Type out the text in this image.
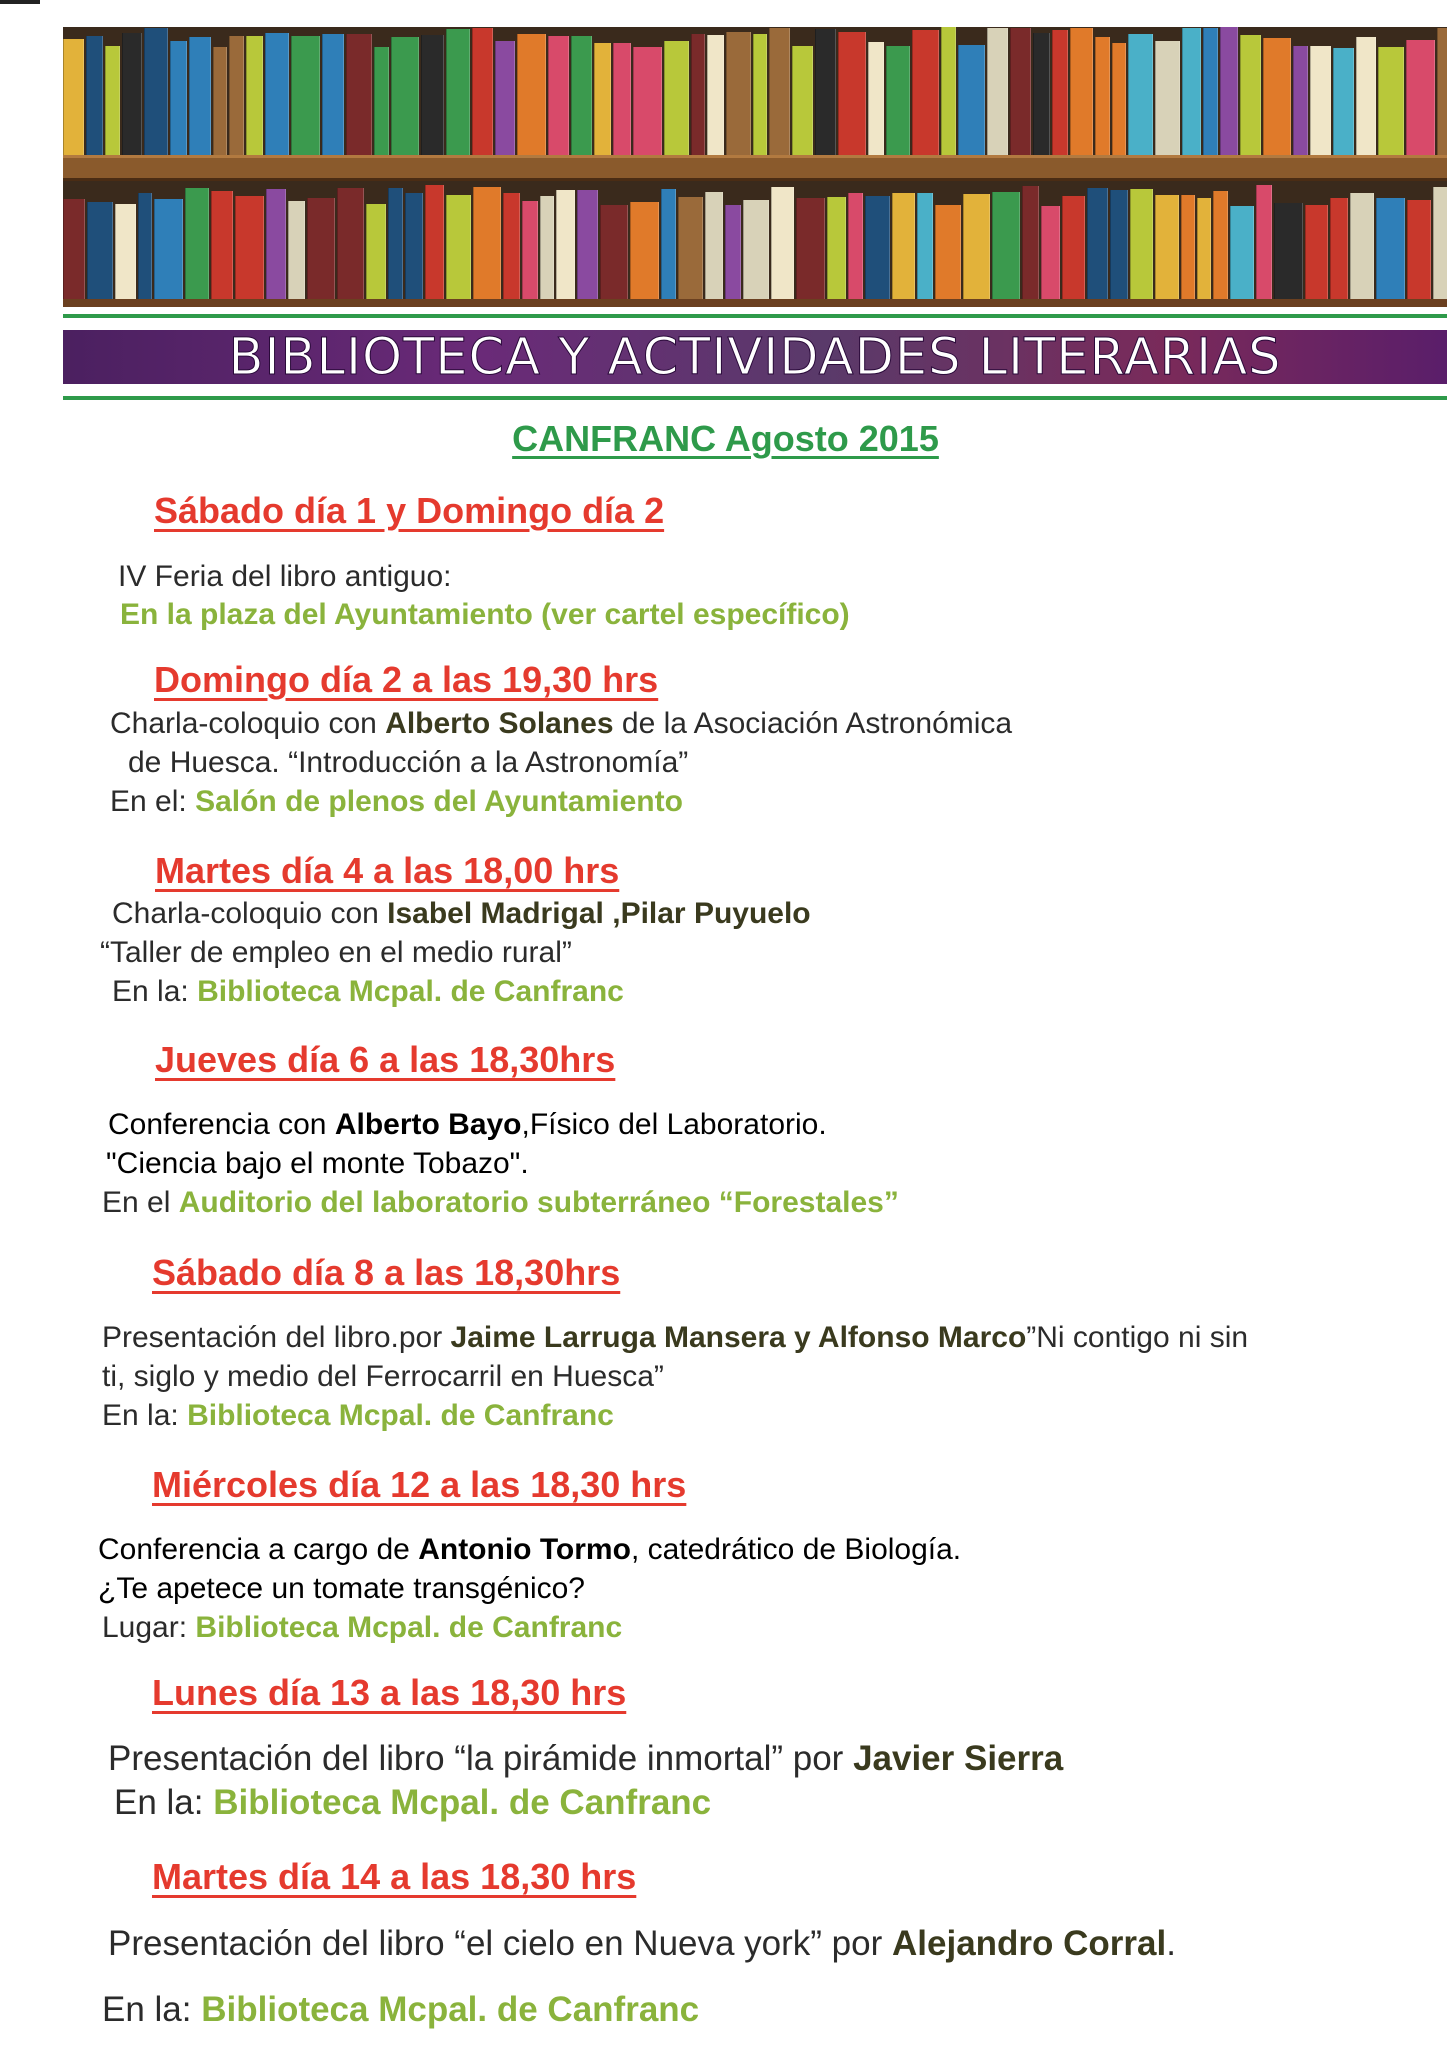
BIBLIOTECA Y ACTIVIDADES LITERARIAS
CANFRANC Agosto 2015
Sábado día 1 y Domingo día 2
IV Feria del libro antiguo:
En la plaza del Ayuntamiento (ver cartel específico)
Domingo día 2 a las 19,30 hrs
Charla-coloquio con Alberto Solanes de la Asociación Astronómica
de Huesca. “Introducción a la Astronomía”
En el: Salón de plenos del Ayuntamiento
Martes día 4 a las 18,00 hrs
Charla-coloquio con Isabel Madrigal ,Pilar Puyuelo
“Taller de empleo en el medio rural”
En la: Biblioteca Mcpal. de Canfranc
Jueves día 6 a las 18,30hrs
Conferencia con Alberto Bayo,Físico del Laboratorio.
"Ciencia bajo el monte Tobazo".
En el Auditorio del laboratorio subterráneo “Forestales”
Sábado día 8 a las 18,30hrs
Presentación del libro.por Jaime Larruga Mansera y Alfonso Marco”Ni contigo ni sin
ti, siglo y medio del Ferrocarril en Huesca”
En la: Biblioteca Mcpal. de Canfranc
Miércoles día 12 a las 18,30 hrs
Conferencia a cargo de Antonio Tormo, catedrático de Biología.
¿Te apetece un tomate transgénico?
Lugar: Biblioteca Mcpal. de Canfranc
Lunes día 13 a las 18,30 hrs
Presentación del libro “la pirámide inmortal” por Javier Sierra
En la: Biblioteca Mcpal. de Canfranc
Martes día 14 a las 18,30 hrs
Presentación del libro “el cielo en Nueva york” por Alejandro Corral.
En la: Biblioteca Mcpal. de Canfranc
